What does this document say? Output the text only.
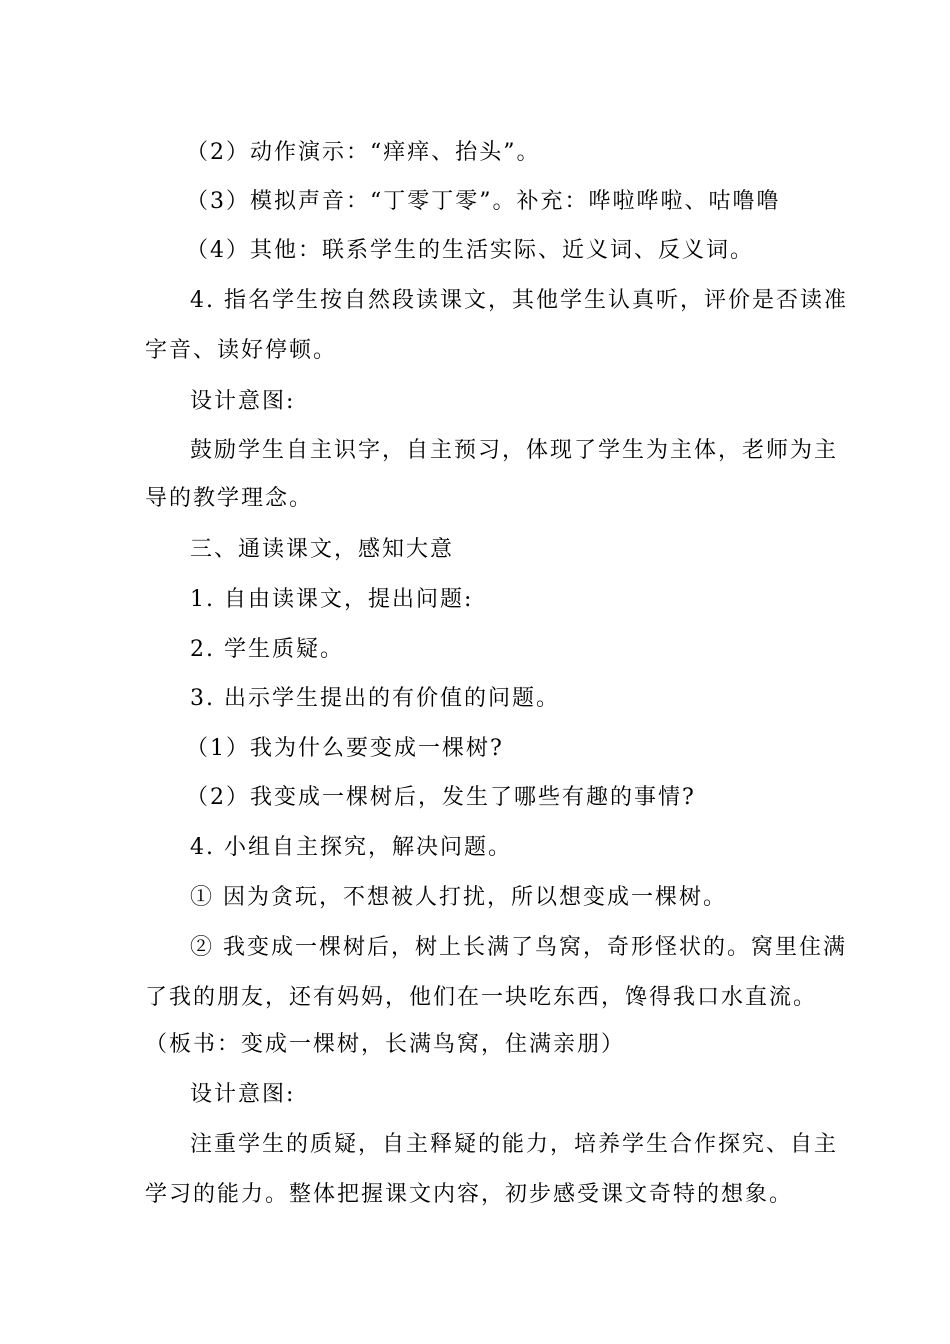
（2）动作演示：“痒痒、抬头”。
（3）模拟声音：“丁零丁零”。补充：哗啦哗啦、咕噜噜
（4）其他：联系学生的生活实际、近义词、反义词。
4. 指名学生按自然段读课文，其他学生认真听，评价是否读准
字音、读好停顿。
设计意图:
鼓励学生自主识字，自主预习，体现了学生为主体，老师为主
导的教学理念。
三、通读课文，感知大意
1. 自由读课文，提出问题:
2. 学生质疑。
3. 出示学生提出的有价值的问题。
（1）我为什么要变成一棵树?
（2）我变成一棵树后，发生了哪些有趣的事情?
4. 小组自主探究，解决问题。
① 因为贪玩，不想被人打扰，所以想变成一棵树。
② 我变成一棵树后，树上长满了鸟窝，奇形怪状的。窝里住满
了我的朋友，还有妈妈，他们在一块吃东西，馋得我口水直流。
（板书：变成一棵树，长满鸟窝，住满亲朋）
设计意图:
注重学生的质疑，自主释疑的能力，培养学生合作探究、自主
学习的能力。整体把握课文内容，初步感受课文奇特的想象。
